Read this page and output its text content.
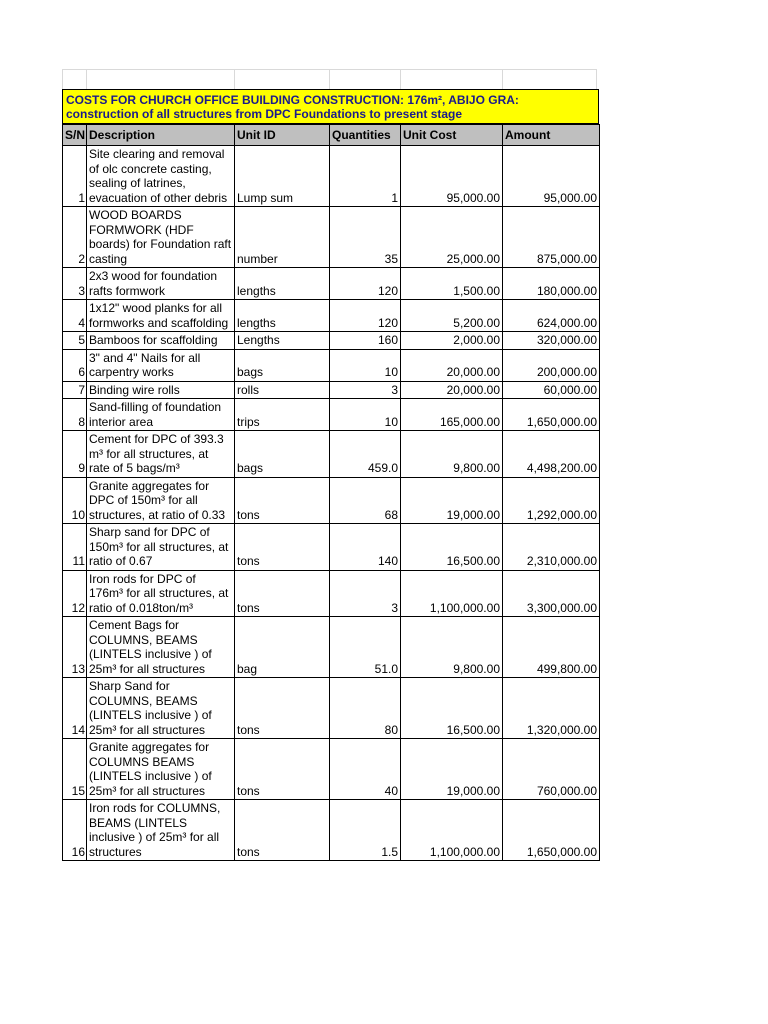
COSTS FOR CHURCH OFFICE BUILDING CONSTRUCTION: 176m², ABIJO GRA:
construction of all structures from DPC Foundations to present stage
S/N	Description	Unit ID	Quantities	Unit Cost	Amount
1	Site clearing and removal of olc concrete casting, sealing of latrines, evacuation of other debris	Lump sum	1	95,000.00	95,000.00
2	WOOD BOARDS FORMWORK (HDF boards) for Foundation raft casting	number	35	25,000.00	875,000.00
3	2x3 wood for foundation rafts formwork	lengths	120	1,500.00	180,000.00
4	1x12" wood planks for all formworks and scaffolding	lengths	120	5,200.00	624,000.00
5	Bamboos for scaffolding	Lengths	160	2,000.00	320,000.00
6	3" and 4" Nails for all carpentry works	bags	10	20,000.00	200,000.00
7	Binding wire rolls	rolls	3	20,000.00	60,000.00
8	Sand-filling of foundation interior area	trips	10	165,000.00	1,650,000.00
9	Cement for DPC of 393.3 m³ for all structures, at rate of 5 bags/m³	bags	459.0	9,800.00	4,498,200.00
10	Granite aggregates for DPC of 150m³ for all structures, at ratio of 0.33	tons	68	19,000.00	1,292,000.00
11	Sharp sand for DPC of 150m³ for all structures, at ratio of 0.67	tons	140	16,500.00	2,310,000.00
12	Iron rods for DPC of 176m³ for all structures, at ratio of 0.018ton/m³	tons	3	1,100,000.00	3,300,000.00
13	Cement Bags for COLUMNS, BEAMS (LINTELS inclusive ) of 25m³ for all structures	bag	51.0	9,800.00	499,800.00
14	Sharp Sand for COLUMNS, BEAMS (LINTELS inclusive ) of 25m³ for all structures	tons	80	16,500.00	1,320,000.00
15	Granite aggregates for COLUMNS BEAMS (LINTELS inclusive ) of 25m³ for all structures	tons	40	19,000.00	760,000.00
16	Iron rods for COLUMNS, BEAMS (LINTELS inclusive ) of 25m³ for all structures	tons	1.5	1,100,000.00	1,650,000.00
